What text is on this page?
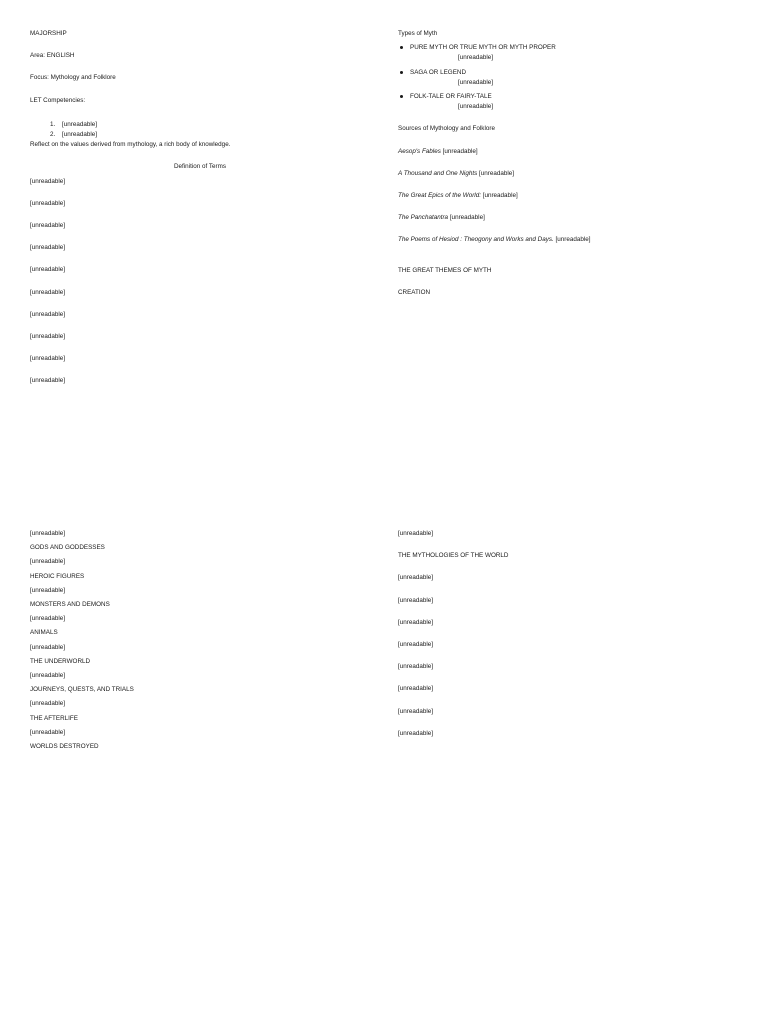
MAJORSHIP

Area: ENGLISH

Focus: Mythology and Folklore

LET Competencies:

1. [unreadable]
2. [unreadable]

Reflect on the values derived from mythology, a rich body of knowledge.

Definition of Terms

[unreadable]

[unreadable]

[unreadable]

[unreadable]

[unreadable]

[unreadable]

[unreadable]

[unreadable]

[unreadable]

[unreadable]

Types of Myth

PURE MYTH OR TRUE MYTH OR MYTH PROPER

[unreadable]

SAGA OR LEGEND

[unreadable]

FOLK-TALE OR FAIRY-TALE

[unreadable]

Sources of Mythology and Folklore

Aesop's Fables [unreadable]

A Thousand and One Nights [unreadable]

The Great Epics of the World: [unreadable]

The Panchatantra [unreadable]

The Poems of Hesiod : Theogony and Works and Days. [unreadable]

THE GREAT THEMES OF MYTH

CREATION

[unreadable]

GODS AND GODDESSES

[unreadable]

HEROIC FIGURES

[unreadable]

MONSTERS AND DEMONS

[unreadable]

ANIMALS

[unreadable]

THE UNDERWORLD

[unreadable]

JOURNEYS, QUESTS, AND TRIALS

[unreadable]

THE AFTERLIFE

[unreadable]

WORLDS DESTROYED

[unreadable]

THE MYTHOLOGIES OF THE WORLD

[unreadable]

[unreadable]

[unreadable]

[unreadable]

[unreadable]

[unreadable]

[unreadable]

[unreadable]
